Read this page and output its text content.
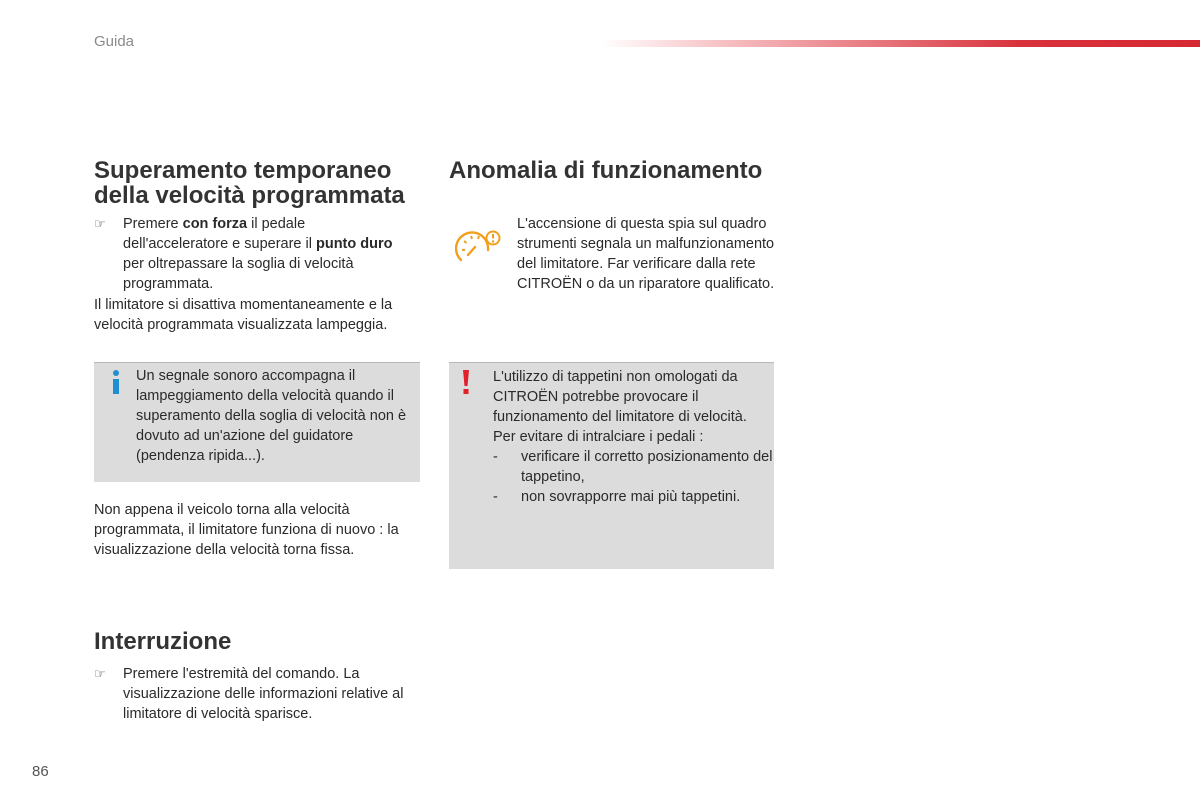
Guida
Superamento temporaneo della velocità programmata
☞ Premere con forza il pedale dell'acceleratore e superare il punto duro per oltrepassare la soglia di velocità programmata.

Il limitatore si disattiva momentaneamente e la velocità programmata visualizzata lampeggia.

Un segnale sonoro accompagna il lampeggiamento della velocità quando il superamento della soglia di velocità non è dovuto ad un'azione del guidatore (pendenza ripida...).

Non appena il veicolo torna alla velocità programmata, il limitatore funziona di nuovo : la visualizzazione della velocità torna fissa.

Interruzione
☞ Premere l'estremità del comando. La visualizzazione delle informazioni relative al limitatore di velocità sparisce.
Anomalia di funzionamento

L'accensione di questa spia sul quadro strumenti segnala un malfunzionamento del limitatore. Far verificare dalla rete CITROËN o da un riparatore qualificato.

L'utilizzo di tappetini non omologati da CITROËN potrebbe provocare il funzionamento del limitatore di velocità.
Per evitare di intralciare i pedali :
- verificare il corretto posizionamento del tappetino,
- non sovrapporre mai più tappetini.
86
